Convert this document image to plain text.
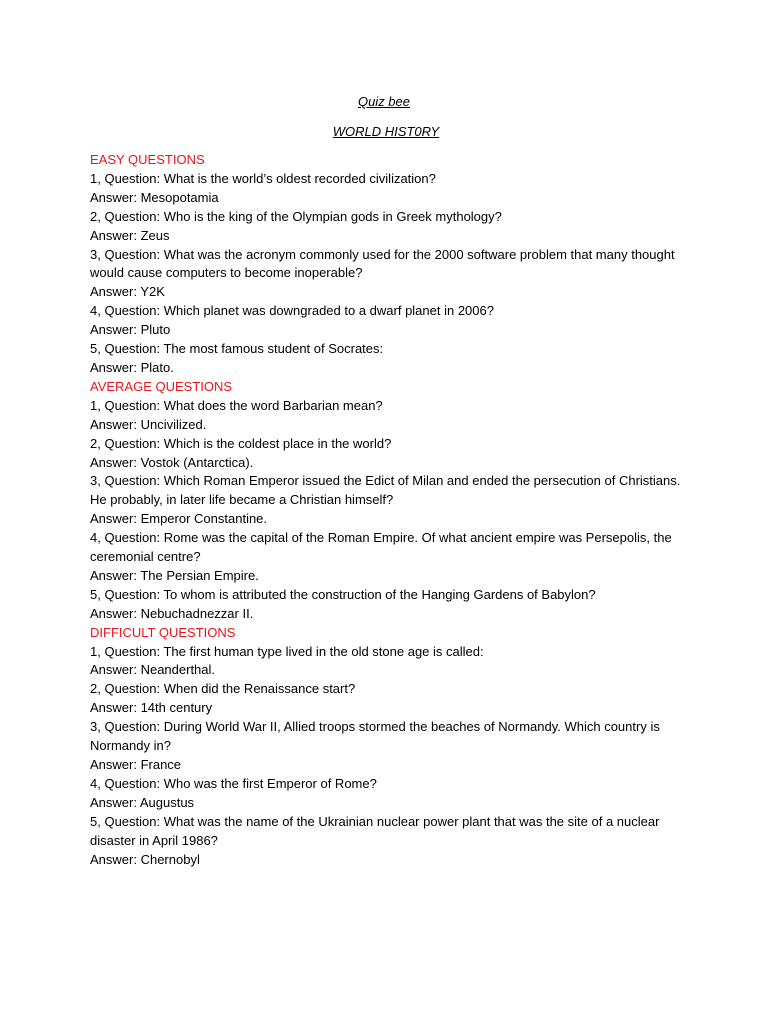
Quiz bee
WORLD HIST0RY

EASY QUESTIONS

1, Question: What is the world’s oldest recorded civilization?

Answer: Mesopotamia

2, Question: Who is the king of the Olympian gods in Greek mythology?

Answer: Zeus

3, Question: What was the acronym commonly used for the 2000 software problem that many thought would cause computers to become inoperable?

Answer: Y2K

4, Question: Which planet was downgraded to a dwarf planet in 2006?

Answer: Pluto

5, Question: The most famous student of Socrates:

Answer: Plato.

AVERAGE QUESTIONS

1, Question: What does the word Barbarian mean?

Answer: Uncivilized.

2, Question: Which is the coldest place in the world?

Answer: Vostok (Antarctica).

3, Question: Which Roman Emperor issued the Edict of Milan and ended the persecution of Christians. He probably, in later life became a Christian himself?

Answer: Emperor Constantine.

4, Question: Rome was the capital of the Roman Empire. Of what ancient empire was Persepolis, the ceremonial centre?

Answer: The Persian Empire.

5, Question: To whom is attributed the construction of the Hanging Gardens of Babylon?

Answer: Nebuchadnezzar II.

DIFFICULT QUESTIONS

1, Question: The first human type lived in the old stone age is called:

Answer: Neanderthal.

2, Question: When did the Renaissance start?

Answer: 14th century

3, Question: During World War II, Allied troops stormed the beaches of Normandy. Which country is Normandy in?

Answer: France

4, Question: Who was the first Emperor of Rome?

Answer: Augustus

5, Question: What was the name of the Ukrainian nuclear power plant that was the site of a nuclear disaster in April 1986?

Answer: Chernobyl
